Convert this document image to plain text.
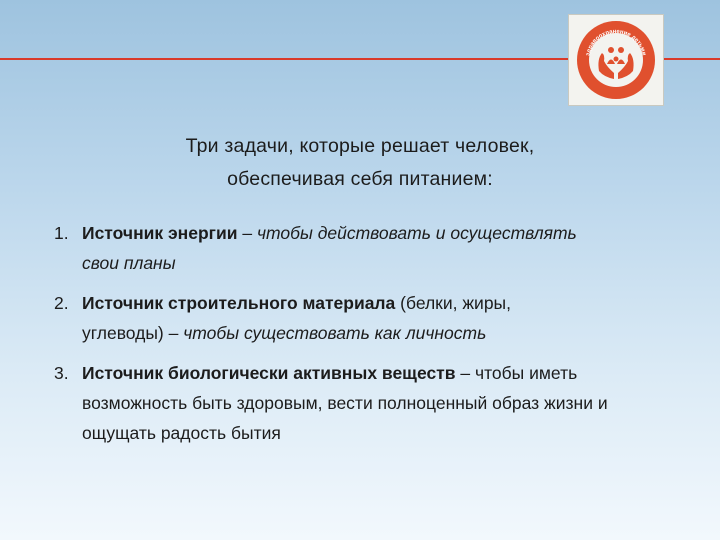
здравоохранение детьми
Три задачи, которые решает человек,
обеспечивая себя питанием:
1. Источник энергии – чтобы действовать и осуществлять
свои планы
2. Источник строительного материала (белки, жиры,
углеводы) – чтобы существовать как личность
3. Источник биологически активных веществ – чтобы иметь
возможность быть здоровым, вести полноценный образ жизни и
ощущать радость бытия
